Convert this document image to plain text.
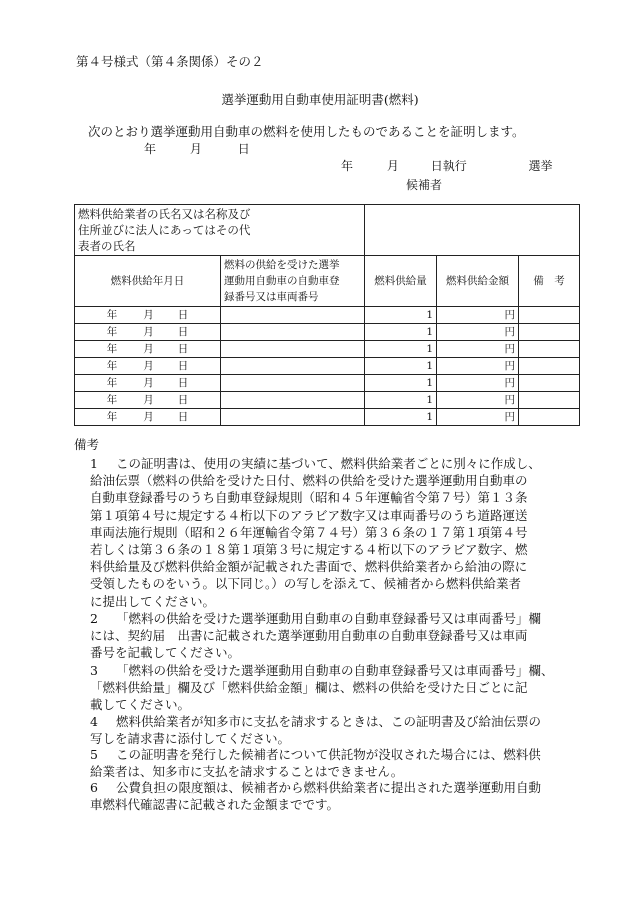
第４号様式（第４条関係）その２
選挙運動用自動車使用証明書(燃料)
次のとおり選挙運動用自動車の燃料を使用したものであることを証明します。
年	月	日
年	月	日執行	選挙
候補者
燃料供給業者の氏名又は名称及び
住所並びに法人にあってはその代
表者の氏名				

燃料供給年月日	燃料の供給を受けた選挙
運動用自動車の自動車登
録番号又は車両番号	燃料供給量	燃料供給金額	備　考
年 月 日		1	円	
年 月 日		1	円	
年 月 日		1	円	
年 月 日		1	円	
年 月 日		1	円	
年 月 日		1	円	
年 月 日		1	円	
備考
1 この証明書は、使用の実績に基づいて、燃料供給業者ごとに別々に作成し、
給油伝票（燃料の供給を受けた日付、燃料の供給を受けた選挙運動用自動車の
自動車登録番号のうち自動車登録規則（昭和４５年運輸省令第７号）第１３条
第１項第４号に規定する４桁以下のアラビア数字又は車両番号のうち道路運送
車両法施行規則（昭和２６年運輸省令第７４号）第３６条の１７第１項第４号
若しくは第３６条の１８第１項第３号に規定する４桁以下のアラビア数字、燃
料供給量及び燃料供給金額が記載された書面で、燃料供給業者から給油の際に
受領したものをいう。以下同じ。）の写しを添えて、候補者から燃料供給業者
に提出してください。
2 「燃料の供給を受けた選挙運動用自動車の自動車登録番号又は車両番号」欄
には、契約届　出書に記載された選挙運動用自動車の自動車登録番号又は車両
番号を記載してください。
3 「燃料の供給を受けた選挙運動用自動車の自動車登録番号又は車両番号」欄、
「燃料供給量」欄及び「燃料供給金額」欄は、燃料の供給を受けた日ごとに記
載してください。
4 燃料供給業者が知多市に支払を請求するときは、この証明書及び給油伝票の
写しを請求書に添付してください。
5 この証明書を発行した候補者について供託物が没収された場合には、燃料供
給業者は、知多市に支払を請求することはできません。
6 公費負担の限度額は、候補者から燃料供給業者に提出された選挙運動用自動
車燃料代確認書に記載された金額までです。
